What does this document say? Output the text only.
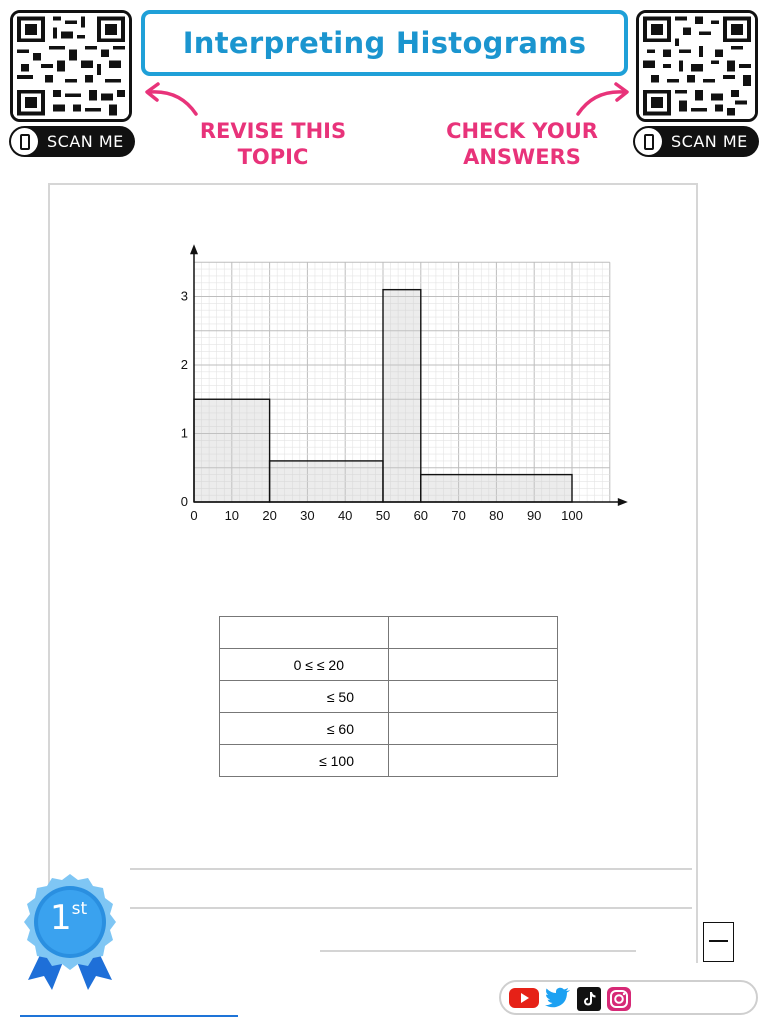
SCAN ME	SCAN ME
Interpreting Histograms
REVISE THIS
TOPIC
CHECK YOUR
ANSWERS
0 10 20 30 40 50 60 70 80 90 100
0
1
2
3

0 ≤ ≤ 20	
≤ 50	
≤ 60	
≤ 100	
1st
